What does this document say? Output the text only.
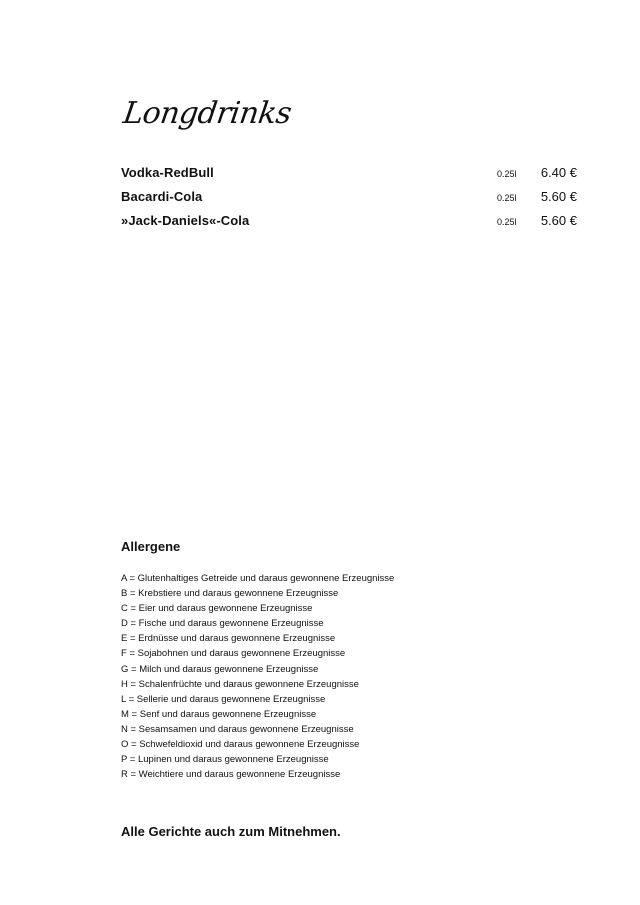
Longdrinks
Vodka-RedBull	0.25l 6.40 €
Bacardi-Cola	0.25l 5.60 €
»Jack-Daniels«-Cola	0.25l 5.60 €
Allergene
A = Glutenhaltiges Getreide und daraus gewonnene Erzeugnisse
B = Krebstiere und daraus gewonnene Erzeugnisse
C = Eier und daraus gewonnene Erzeugnisse
D = Fische und daraus gewonnene Erzeugnisse
E = Erdnüsse und daraus gewonnene Erzeugnisse
F = Sojabohnen und daraus gewonnene Erzeugnisse
G = Milch und daraus gewonnene Erzeugnisse
H = Schalenfrüchte und daraus gewonnene Erzeugnisse
L = Sellerie und daraus gewonnene Erzeugnisse
M = Senf und daraus gewonnene Erzeugnisse
N = Sesamsamen und daraus gewonnene Erzeugnisse
O = Schwefeldioxid und daraus gewonnene Erzeugnisse
P = Lupinen und daraus gewonnene Erzeugnisse
R = Weichtiere und daraus gewonnene Erzeugnisse
Alle Gerichte auch zum Mitnehmen.
